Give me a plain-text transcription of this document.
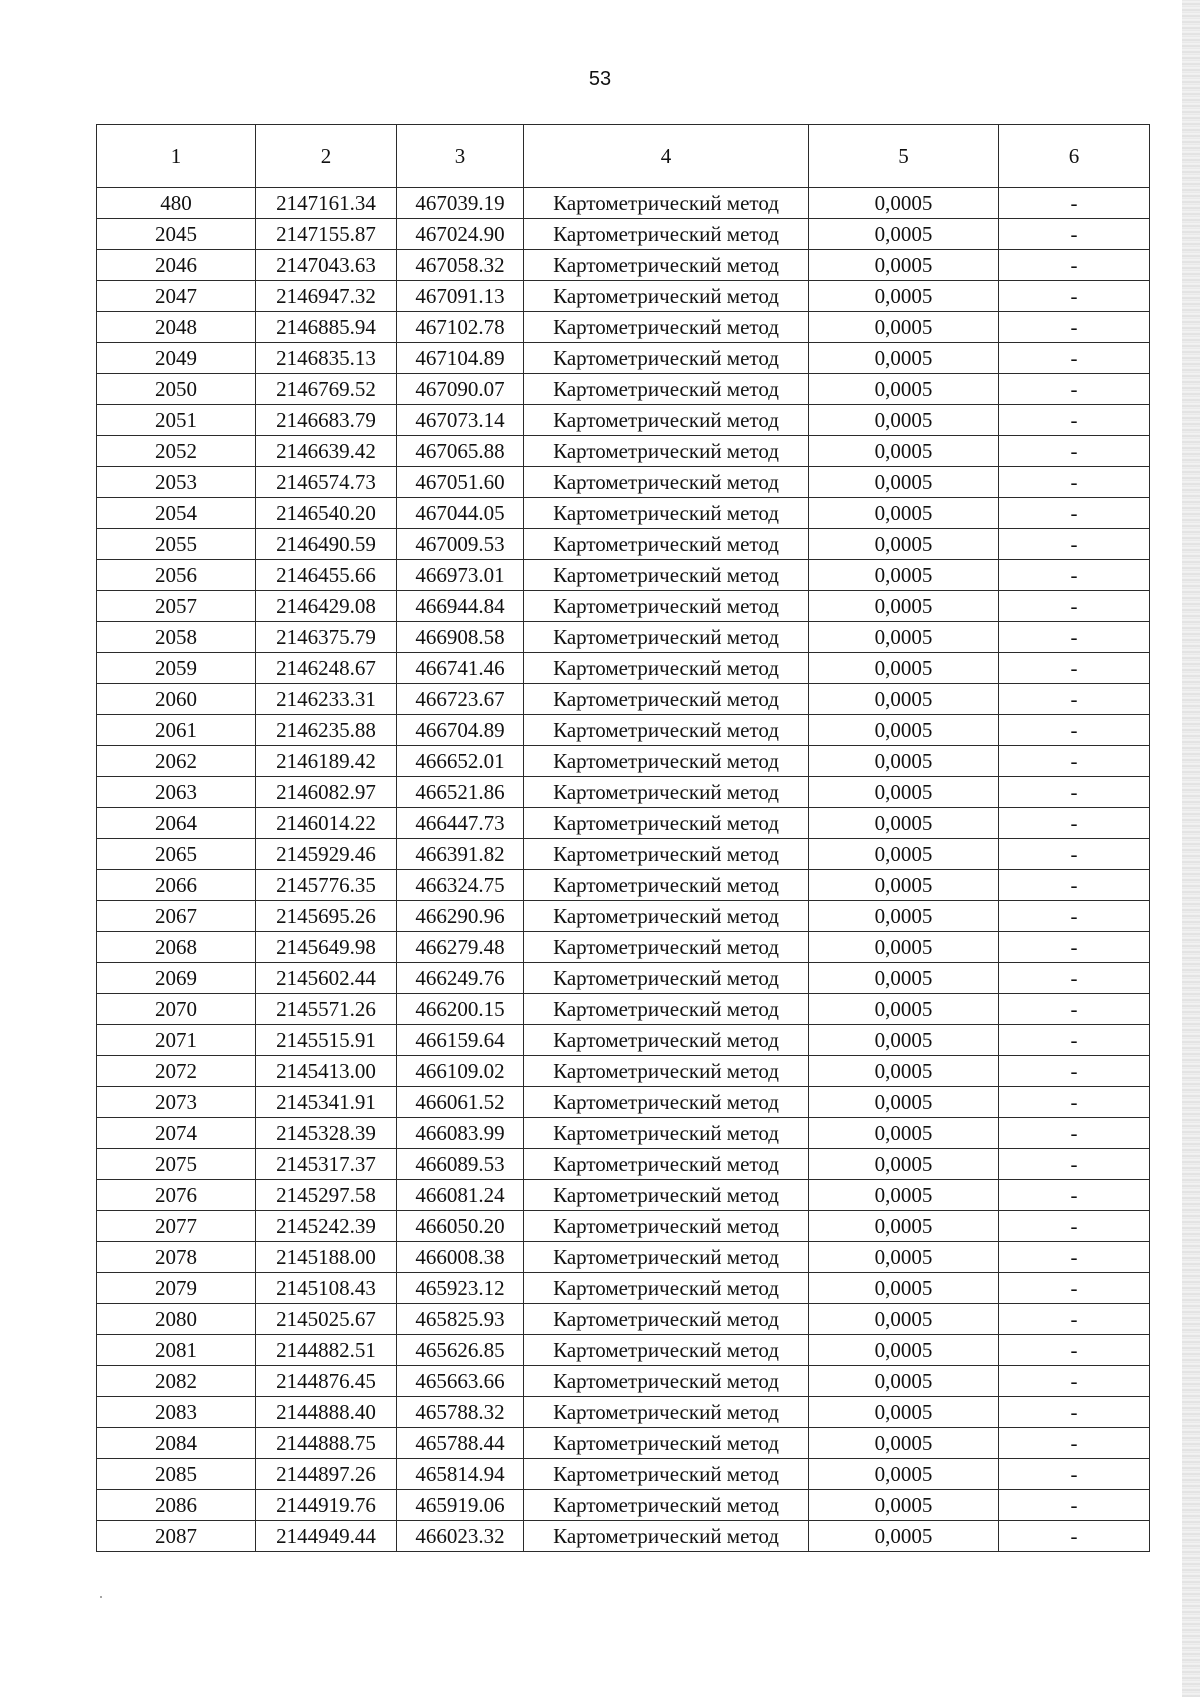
53
1	2	3	4	5	6
480	2147161.34	467039.19	Картометрический метод	0,0005	-
2045	2147155.87	467024.90	Картометрический метод	0,0005	-
2046	2147043.63	467058.32	Картометрический метод	0,0005	-
2047	2146947.32	467091.13	Картометрический метод	0,0005	-
2048	2146885.94	467102.78	Картометрический метод	0,0005	-
2049	2146835.13	467104.89	Картометрический метод	0,0005	-
2050	2146769.52	467090.07	Картометрический метод	0,0005	-
2051	2146683.79	467073.14	Картометрический метод	0,0005	-
2052	2146639.42	467065.88	Картометрический метод	0,0005	-
2053	2146574.73	467051.60	Картометрический метод	0,0005	-
2054	2146540.20	467044.05	Картометрический метод	0,0005	-
2055	2146490.59	467009.53	Картометрический метод	0,0005	-
2056	2146455.66	466973.01	Картометрический метод	0,0005	-
2057	2146429.08	466944.84	Картометрический метод	0,0005	-
2058	2146375.79	466908.58	Картометрический метод	0,0005	-
2059	2146248.67	466741.46	Картометрический метод	0,0005	-
2060	2146233.31	466723.67	Картометрический метод	0,0005	-
2061	2146235.88	466704.89	Картометрический метод	0,0005	-
2062	2146189.42	466652.01	Картометрический метод	0,0005	-
2063	2146082.97	466521.86	Картометрический метод	0,0005	-
2064	2146014.22	466447.73	Картометрический метод	0,0005	-
2065	2145929.46	466391.82	Картометрический метод	0,0005	-
2066	2145776.35	466324.75	Картометрический метод	0,0005	-
2067	2145695.26	466290.96	Картометрический метод	0,0005	-
2068	2145649.98	466279.48	Картометрический метод	0,0005	-
2069	2145602.44	466249.76	Картометрический метод	0,0005	-
2070	2145571.26	466200.15	Картометрический метод	0,0005	-
2071	2145515.91	466159.64	Картометрический метод	0,0005	-
2072	2145413.00	466109.02	Картометрический метод	0,0005	-
2073	2145341.91	466061.52	Картометрический метод	0,0005	-
2074	2145328.39	466083.99	Картометрический метод	0,0005	-
2075	2145317.37	466089.53	Картометрический метод	0,0005	-
2076	2145297.58	466081.24	Картометрический метод	0,0005	-
2077	2145242.39	466050.20	Картометрический метод	0,0005	-
2078	2145188.00	466008.38	Картометрический метод	0,0005	-
2079	2145108.43	465923.12	Картометрический метод	0,0005	-
2080	2145025.67	465825.93	Картометрический метод	0,0005	-
2081	2144882.51	465626.85	Картометрический метод	0,0005	-
2082	2144876.45	465663.66	Картометрический метод	0,0005	-
2083	2144888.40	465788.32	Картометрический метод	0,0005	-
2084	2144888.75	465788.44	Картометрический метод	0,0005	-
2085	2144897.26	465814.94	Картометрический метод	0,0005	-
2086	2144919.76	465919.06	Картометрический метод	0,0005	-
2087	2144949.44	466023.32	Картометрический метод	0,0005	-
